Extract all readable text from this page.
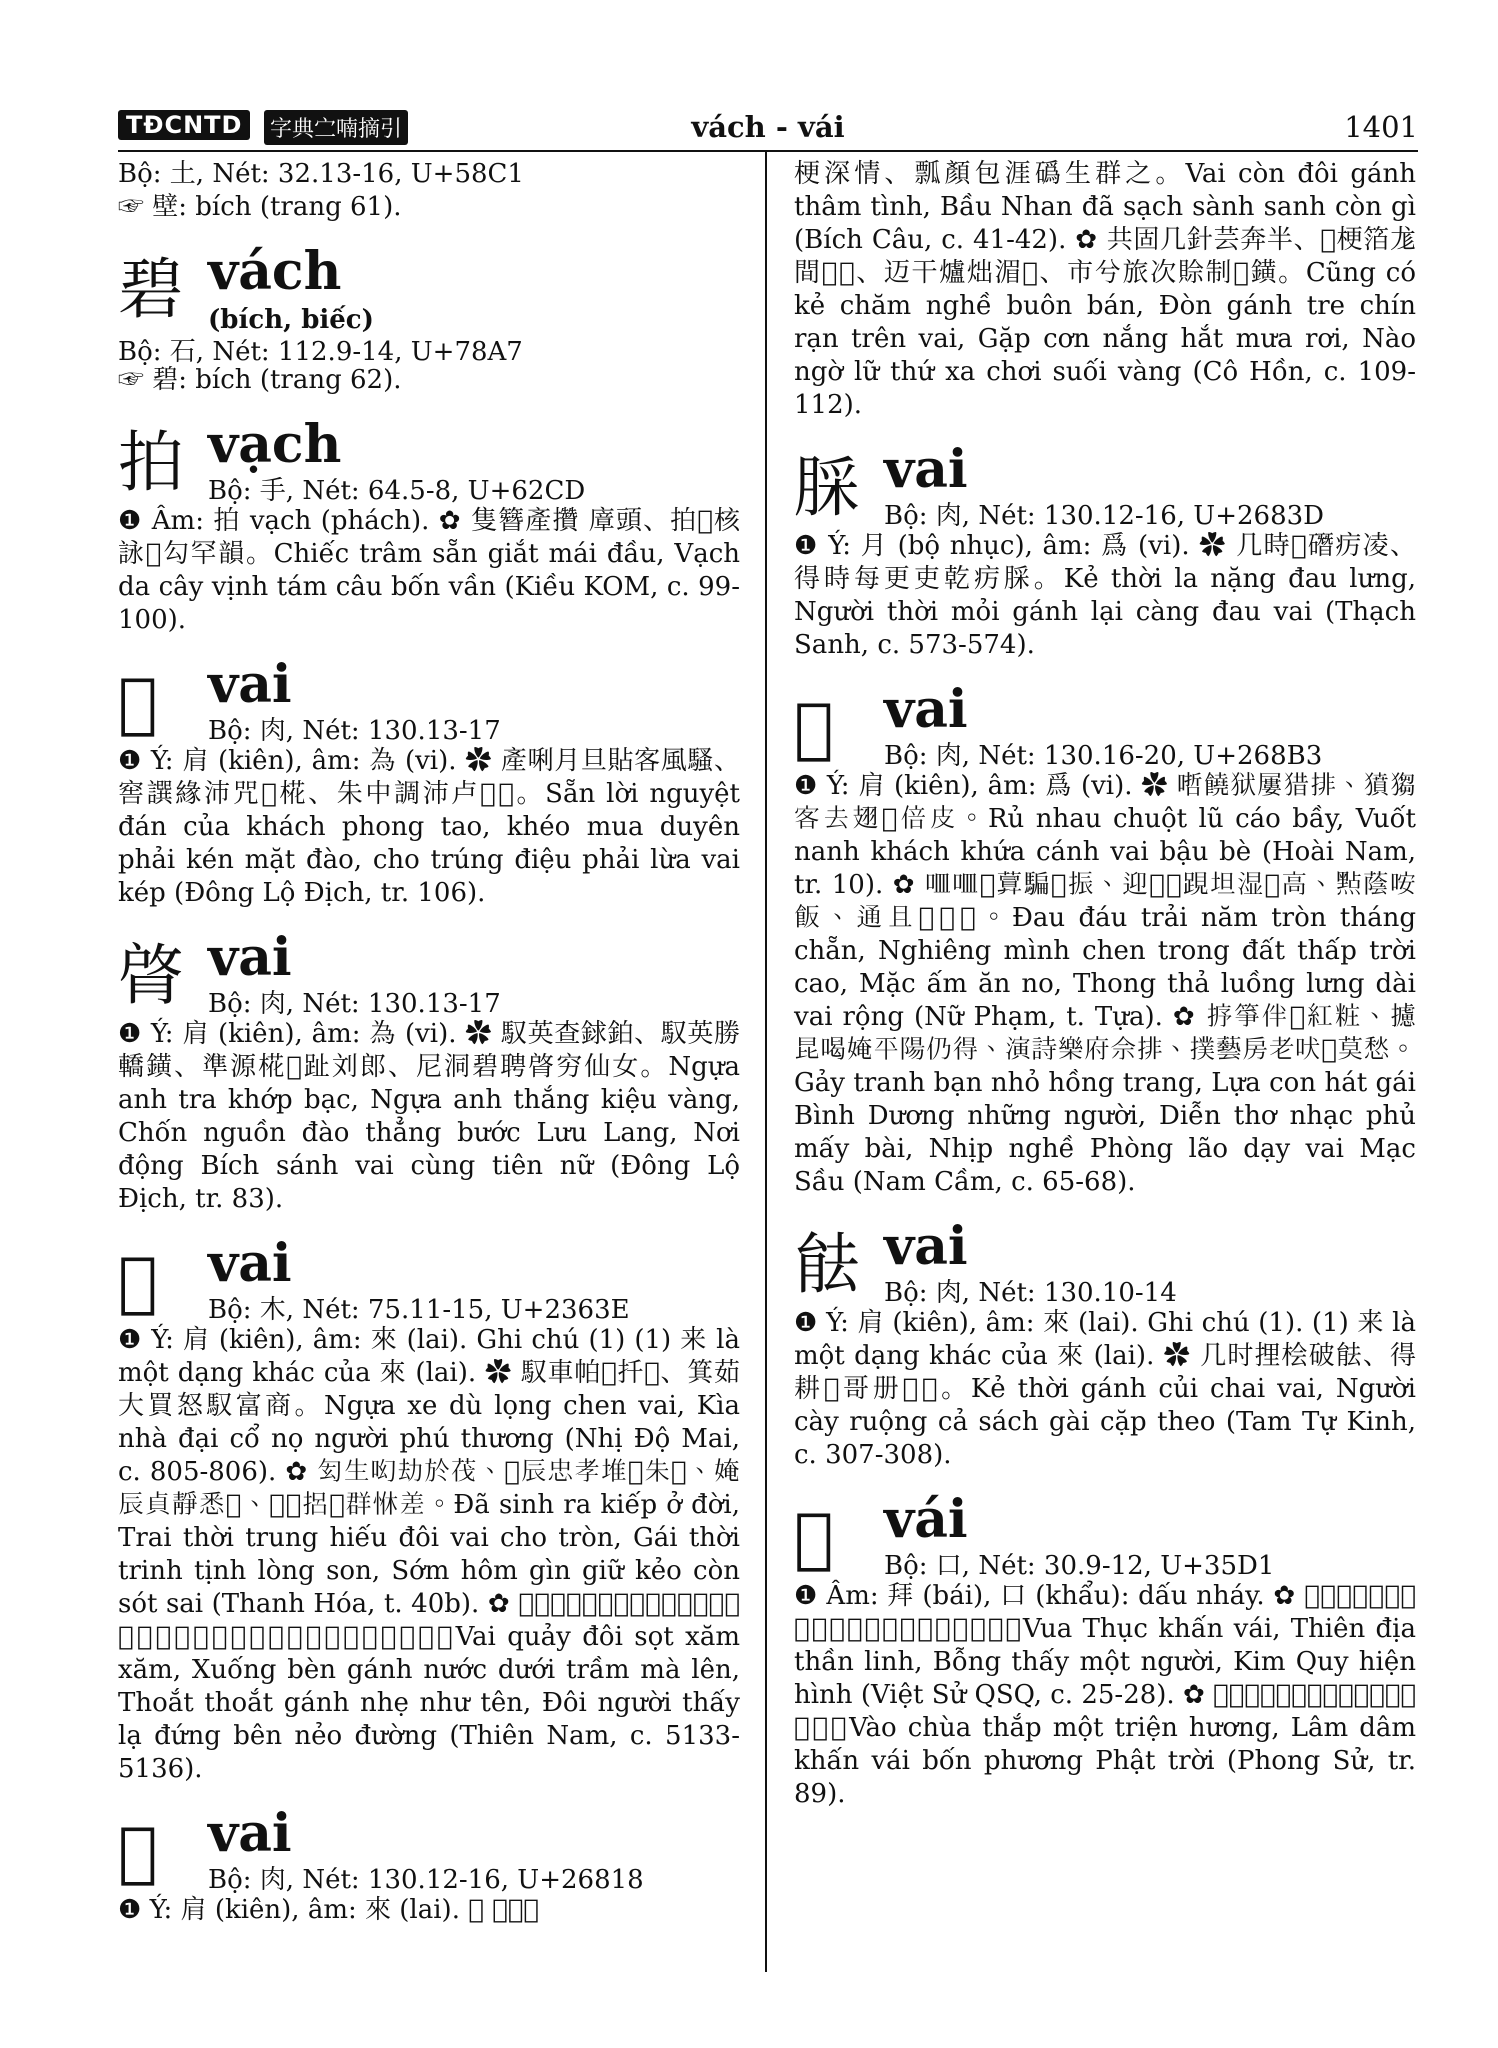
TĐCNTD	字典㝉喃摘引	vách - vái	1401
Bộ: 土, Nét: 32.13-16, U+58C1
☞ 壁: bích (trang 61).
碧 vách
(bích, biếc)
Bộ: 石, Nét: 112.9-14, U+78A7

☞ 碧: bích (trang 62).

拍 vạch
Bộ: 手, Nét: 64.5-8, U+62CD

❶ Âm: 拍 vạch (phách). ✿ 隻簪產攢 㢓頭、拍𦝄核詠𦤾勾罕韻。Chiếc trâm sẵn giắt mái đầu, Vạch da cây vịnh tám câu bốn vần (Kiều KOM, c. 99-100).

𦢟 vai
Bộ: 肉, Nét: 130.13-17

❶ Ý: 肩 (kiên), âm: 為 (vi). ✿ 產唎月旦貼客風騷、窖譔緣沛咒𦹵椛、朱中調沛卢𦢟𠋦。Sẵn lời nguyệt đán của khách phong tao, khéo mua duyên phải kén mặt đào, cho trúng điệu phải lừa vai kép (Đông Lộ Địch, tr. 106).

䏿 vai
Bộ: 肉, Nét: 130.13-17

❶ Ý: 肩 (kiên), âm: 為 (vi). ✿ 馭英查銶鉑、馭英勝轎鐄、準源椛𨂔趾刘郎、尼洞碧聘䏿穷仙女。Ngựa anh tra khớp bạc, Ngựa anh thắng kiệu vàng, Chốn nguồn đào thẳng bước Lưu Lang, Nơi động Bích sánh vai cùng tiên nữ (Đông Lộ Địch, tr. 83).

𣍎 vai
Bộ: 木, Nét: 75.11-15, U+2363E

❶ Ý: 肩 (kiên), âm: 來 (lai). Ghi chú (1) (1) 来 là một dạng khác của 來 (lai). ✿ 馭車帕𢴑扦𣍎、箕茹大買怒馭富商。Ngựa xe dù lọng chen vai, Kìa nhà đại cổ nọ người phú thương (Nhị Độ Mai, c. 805-806). ✿ 𠣖生𠯻劫於茷、𦓡辰忠孝堆𣍎朱𤀖、㛪辰貞靜悉𤀖、𣋚𣋁捛𥿗群恘差。Đã sinh ra kiếp ở đời, Trai thời trung hiếu đôi vai cho tròn, Gái thời trinh tịnh lòng son, Sớm hôm gìn giữ kẻo còn sót sai (Thanh Hóa, t. 40b). ✿ 𣍎掛堆𥳉侵侵、𨓡卞捚渃𣇊沉麻蓮、脫脫捚珥如箭、堆馭𧡊𨓡𦸘边𡏦塘。Vai quảy đôi sọt xăm xăm, Xuống bèn gánh nước dưới trầm mà lên, Thoắt thoắt gánh nhẹ như tên, Đôi người thấy lạ đứng bên nẻo đường (Thiên Nam, c. 5133-5136).

𦠘 vai
Bộ: 肉, Nét: 130.12-16, U+26818

❶ Ý: 肩 (kiên), âm: 來 (lai). ✿ 𦠘群堆

梗深情、瓢顏包涯䃣生群之。Vai còn đôi gánh thâm tình, Bầu Nhan đã sạch sành sanh còn gì (Bích Câu, c. 41-42). ✿ 共固几針芸奔半、𣘃梗箔尨間𨓐𦢟、迈干爐炪湄𦢟、市兮旅次賒制𣾼鐄。Cũng có kẻ chăm nghề buôn bán, Đòn gánh tre chín rạn trên vai, Gặp cơn nắng hắt mưa rơi, Nào ngờ lữ thứ xa chơi suối vàng (Cô Hồn, c. 109-112).

䐆 vai
Bộ: 肉, Nét: 130.12-16, U+2683D

❶ Ý: 月 (bộ nhục), âm: 爲 (vi). ✿ 几時𠺥䃡疠凌、得時每更吏乾疠䐆。Kẻ thời la nặng đau lưng, Người thời mỏi gánh lại càng đau vai (Thạch Sanh, c. 573-574).

𦢳 vai
Bộ: 肉, Nét: 130.16-20, U+268B3

❶ Ý: 肩 (kiên), âm: 爲 (vi). ✿ 𠹗饒狱屢猎排、獖𤠮客去翅𦢳倍皮。Rủ nhau chuột lũ cáo bầy, Vuốt nanh khách khứa cánh vai bậu bè (Hoài Nam, tr. 10). ✿ 𠰘𠰘𥒥𦽹騙𦢳振、迎𨉞𣋇𨁍坦湿𡗶高、㸃蔭咹飯、通且𨈒𦢳𦢳。Đau đáu trải năm tròn tháng chẵn, Nghiêng mình chen trong đất thấp trời cao, Mặc ấm ăn no, Thong thả luồng lưng dài vai rộng (Nữ Phạm, t. Tựa). ✿ 𢭸箏伴𣠵紅粧、攄昆喝㛪平陽仍得、演詩樂府佘排、撲藝房老吠𦢳莫愁。Gảy tranh bạn nhỏ hồng trang, Lựa con hát gái Bình Dương những người, Diễn thơ nhạc phủ mấy bài, Nhịp nghề Phòng lão dạy vai Mạc Sầu (Nam Cầm, c. 65-68).

䏻 vai
Bộ: 肉, Nét: 130.10-14

❶ Ý: 肩 (kiên), âm: 來 (lai). Ghi chú (1). (1) 来 là một dạng khác của 來 (lai). ✿ 几时捚桧破䏻、得耕𤳆哥册𢬣𨆢。Kẻ thời gánh củi chai vai, Người cày ruộng cả sách gài cặp theo (Tam Tự Kinh, c. 307-308).

𠻃 vái
Bộ: 口, Nét: 30.9-12, U+35D1

❶ Âm: 拜 (bái), 口 (khẩu): dấu nháy. ✿ 𢬣蜀𠿃𠻃、天地神灵、俸𧡊沒得、金龜現形。Vua Thục khấn vái, Thiên địa thần linh, Bỗng thấy một người, Kim Quy hiện hình (Việt Sử QSQ, c. 25-28). ✿ 𠚢厨揷没篆香、𠺺𠿃𠿃𠻃𦊚方佛𡗶。Vào chùa thắp một triện hương, Lâm dâm khấn vái bốn phương Phật trời (Phong Sử, tr. 89).
